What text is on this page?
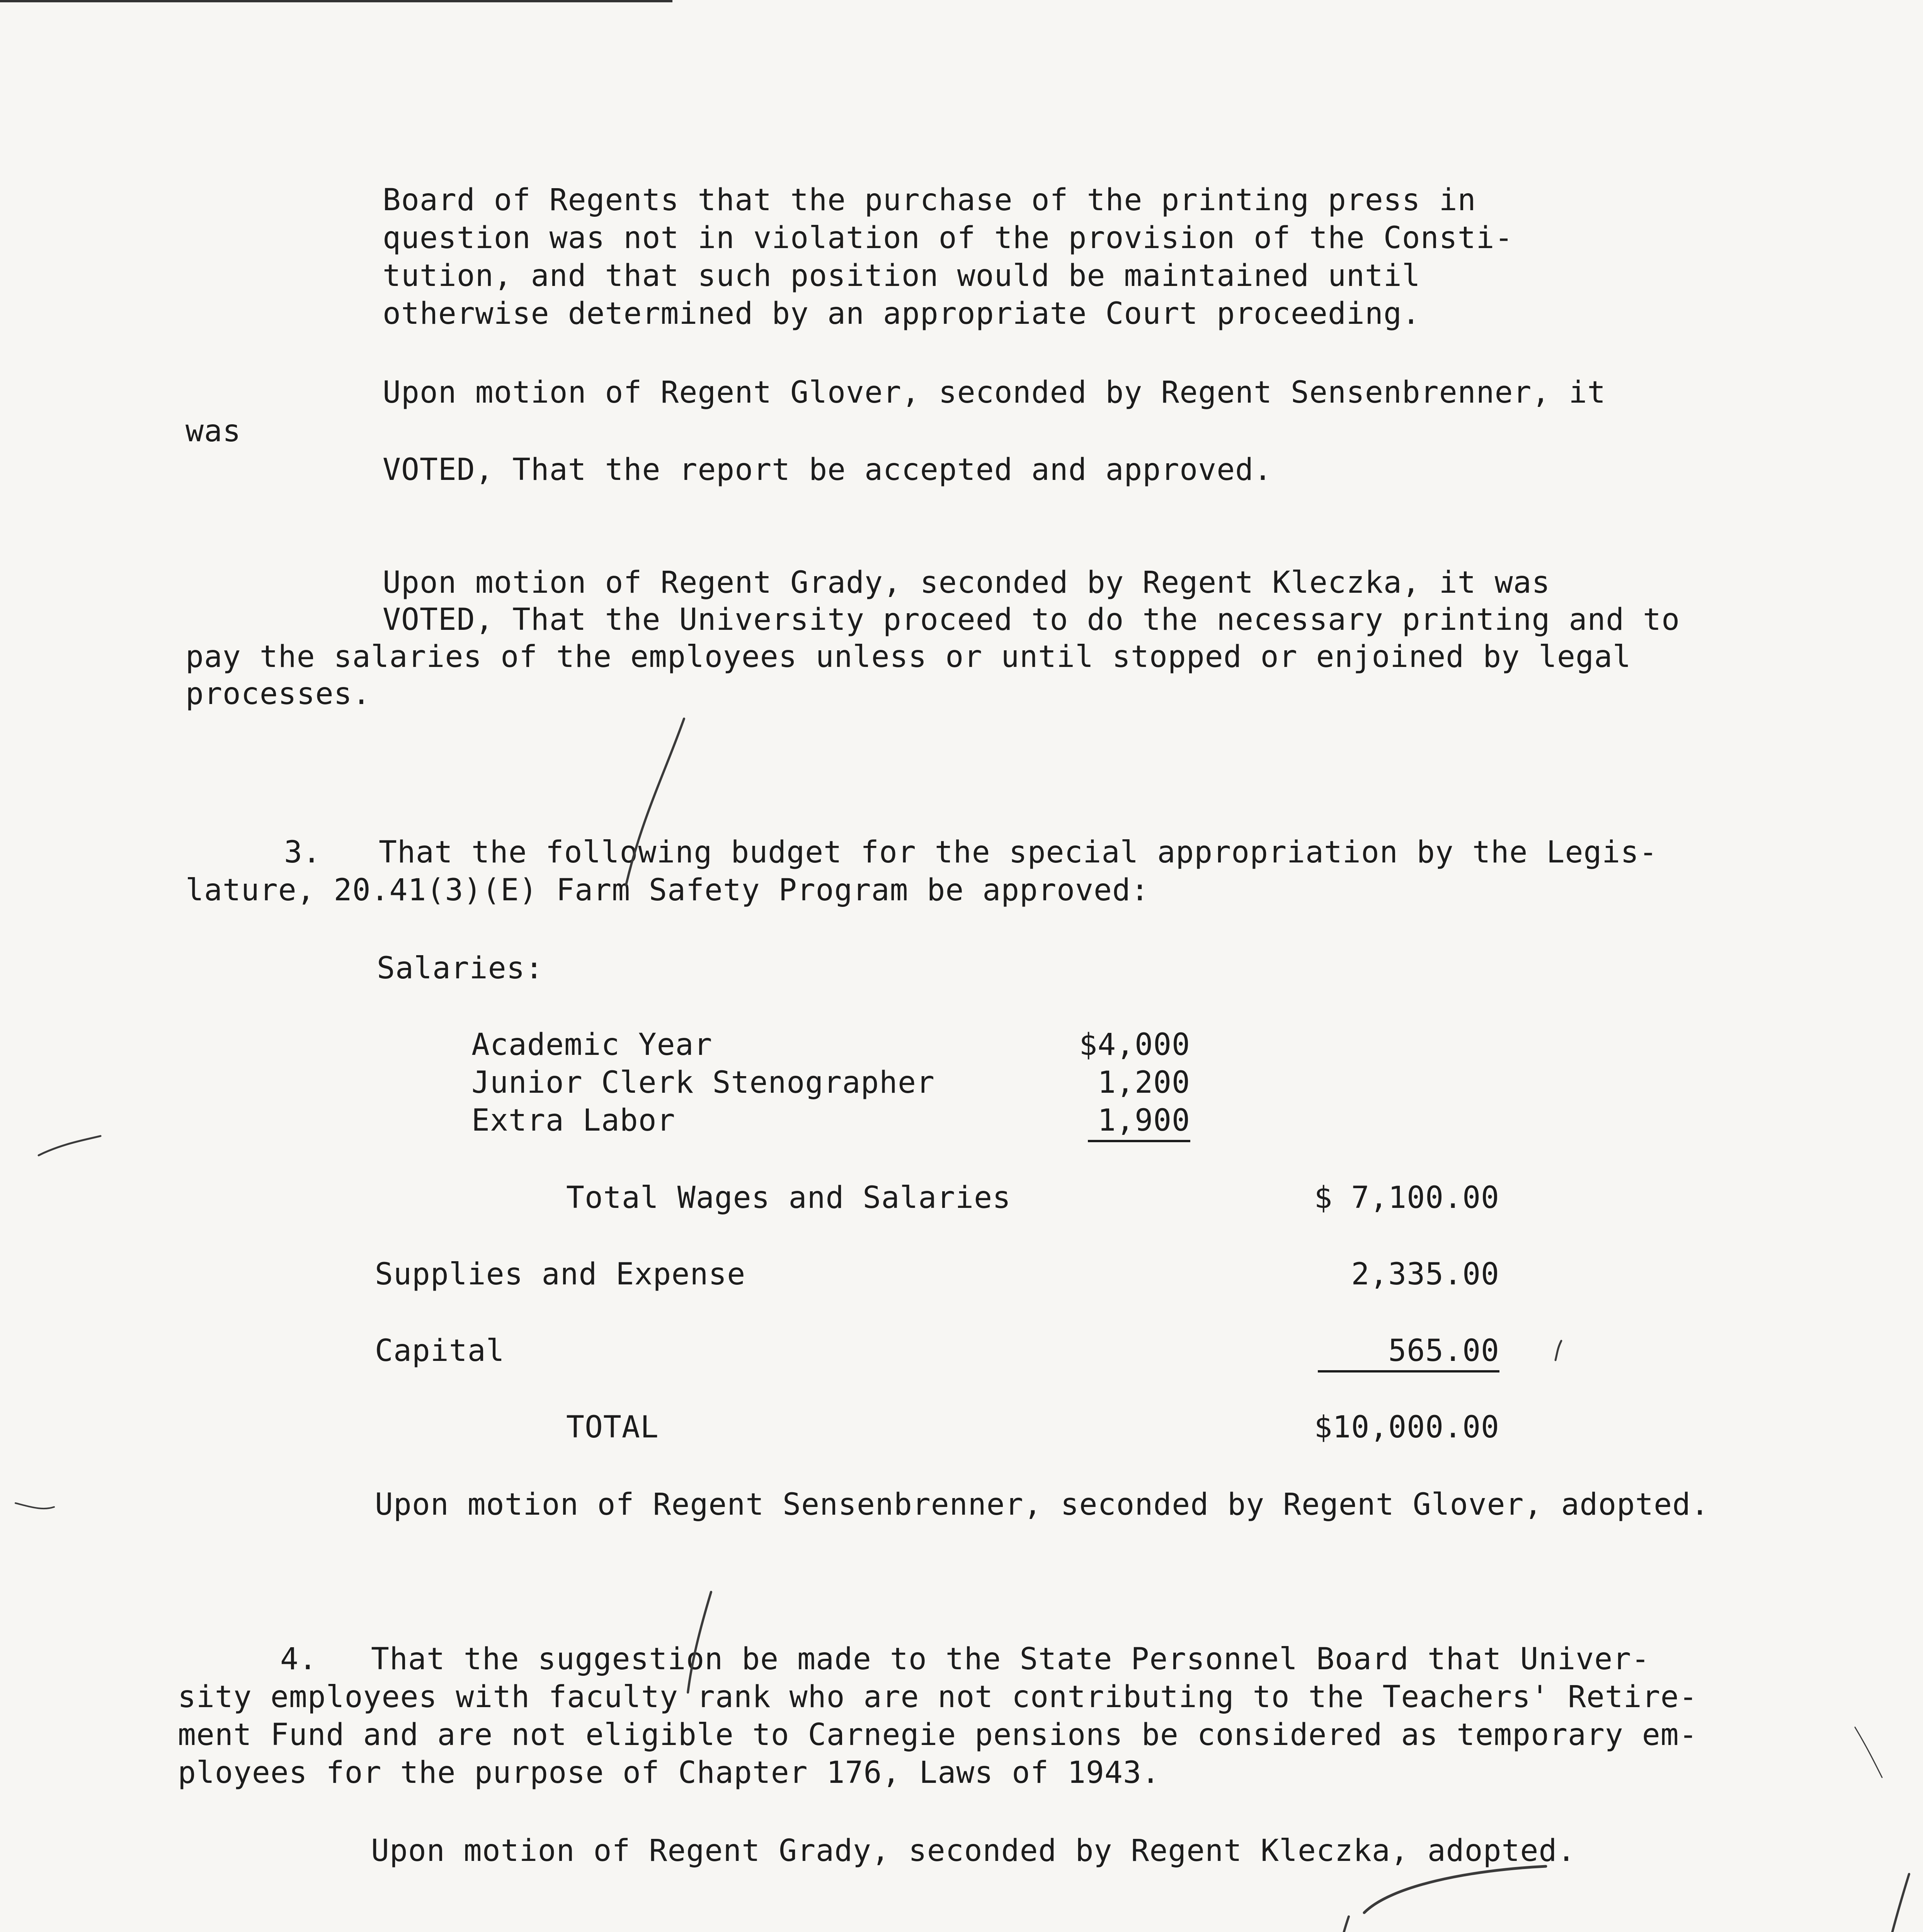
Board of Regents that the purchase of the printing press in
question was not in violation of the provision of the Consti-
tution, and that such position would be maintained until
otherwise determined by an appropriate Court proceeding.
Upon motion of Regent Glover, seconded by Regent Sensenbrenner, it
was
VOTED, That the report be accepted and approved.
Upon motion of Regent Grady, seconded by Regent Kleczka, it was
VOTED, That the University proceed to do the necessary printing and to
pay the salaries of the employees unless or until stopped or enjoined by legal
processes.
3. That the following budget for the special appropriation by the Legis-
lature, 20.41(3)(E) Farm Safety Program be approved:
Salaries:
Academic Year	$4,000
Junior Clerk Stenographer	1,200
Extra Labor	1,900
Total Wages and Salaries	$ 7,100.00
Supplies and Expense	2,335.00
Capital	565.00
TOTAL	$10,000.00
Upon motion of Regent Sensenbrenner, seconded by Regent Glover, adopted.
4. That the suggestion be made to the State Personnel Board that Univer-
sity employees with faculty rank who are not contributing to the Teachers' Retire-
ment Fund and are not eligible to Carnegie pensions be considered as temporary em-
ployees for the purpose of Chapter 176, Laws of 1943.
Upon motion of Regent Grady, seconded by Regent Kleczka, adopted.
